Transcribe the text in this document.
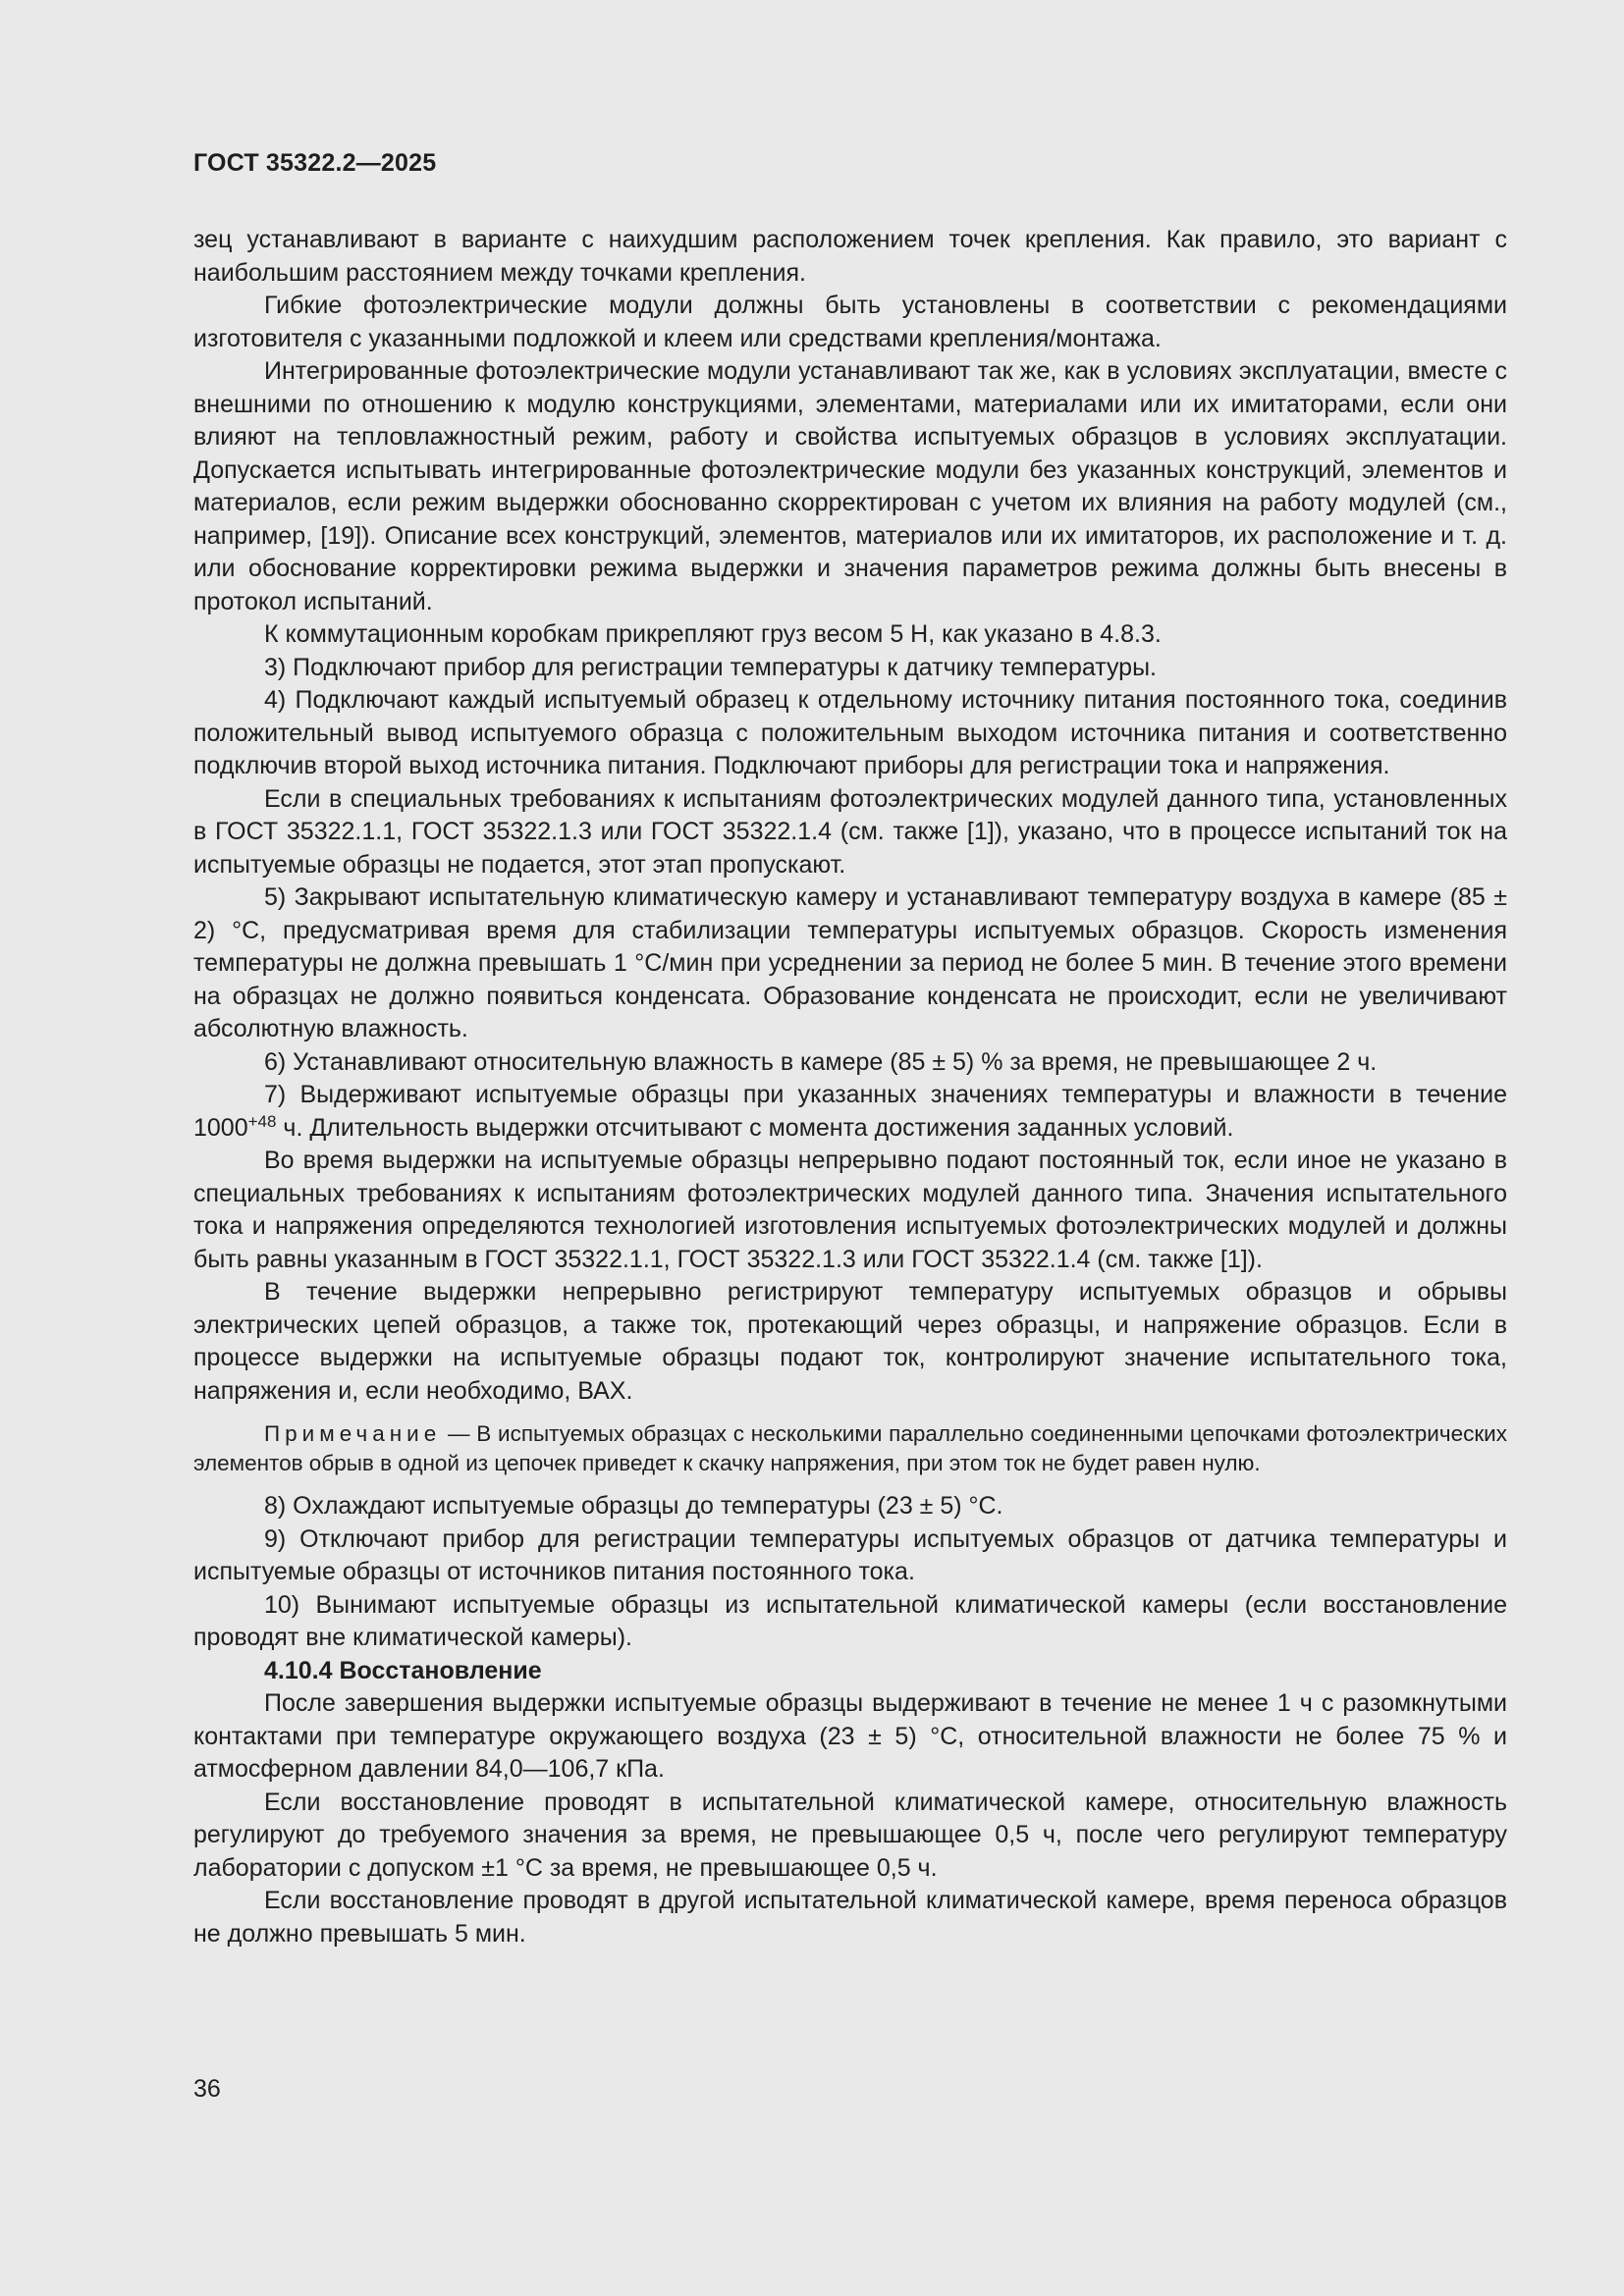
ГОСТ 35322.2—2025

зец устанавливают в варианте с наихудшим расположением точек крепления. Как правило, это вариант с наибольшим расстоянием между точками крепления.

Гибкие фотоэлектрические модули должны быть установлены в соответствии с рекомендациями изготовителя с указанными подложкой и клеем или средствами крепления/монтажа.

Интегрированные фотоэлектрические модули устанавливают так же, как в условиях эксплуатации, вместе с внешними по отношению к модулю конструкциями, элементами, материалами или их имитаторами, если они влияют на тепловлажностный режим, работу и свойства испытуемых образцов в условиях эксплуатации. Допускается испытывать интегрированные фотоэлектрические модули без указанных конструкций, элементов и материалов, если режим выдержки обоснованно скорректирован с учетом их влияния на работу модулей (см., например, [19]). Описание всех конструкций, элементов, материалов или их имитаторов, их расположение и т. д. или обоснование корректировки режима выдержки и значения параметров режима должны быть внесены в протокол испытаний.

К коммутационным коробкам прикрепляют груз весом 5 Н, как указано в 4.8.3.

3) Подключают прибор для регистрации температуры к датчику температуры.

4) Подключают каждый испытуемый образец к отдельному источнику питания постоянного тока, соединив положительный вывод испытуемого образца с положительным выходом источника питания и соответственно подключив второй выход источника питания. Подключают приборы для регистрации тока и напряжения.

Если в специальных требованиях к испытаниям фотоэлектрических модулей данного типа, установленных в ГОСТ 35322.1.1, ГОСТ 35322.1.3 или ГОСТ 35322.1.4 (см. также [1]), указано, что в процессе испытаний ток на испытуемые образцы не подается, этот этап пропускают.

5) Закрывают испытательную климатическую камеру и устанавливают температуру воздуха в камере (85 ± 2) °С, предусматривая время для стабилизации температуры испытуемых образцов. Скорость изменения температуры не должна превышать 1 °С/мин при усреднении за период не более 5 мин. В течение этого времени на образцах не должно появиться конденсата. Образование конденсата не происходит, если не увеличивают абсолютную влажность.

6) Устанавливают относительную влажность в камере (85 ± 5) % за время, не превышающее 2 ч.

7) Выдерживают испытуемые образцы при указанных значениях температуры и влажности в течение $1000^{+48}$ ч. Длительность выдержки отсчитывают с момента достижения заданных условий.

Во время выдержки на испытуемые образцы непрерывно подают постоянный ток, если иное не указано в специальных требованиях к испытаниям фотоэлектрических модулей данного типа. Значения испытательного тока и напряжения определяются технологией изготовления испытуемых фотоэлектрических модулей и должны быть равны указанным в ГОСТ 35322.1.1, ГОСТ 35322.1.3 или ГОСТ 35322.1.4 (см. также [1]).

В течение выдержки непрерывно регистрируют температуру испытуемых образцов и обрывы электрических цепей образцов, а также ток, протекающий через образцы, и напряжение образцов. Если в процессе выдержки на испытуемые образцы подают ток, контролируют значение испытательного тока, напряжения и, если необходимо, ВАХ.

Примечание — В испытуемых образцах с несколькими параллельно соединенными цепочками фотоэлектрических элементов обрыв в одной из цепочек приведет к скачку напряжения, при этом ток не будет равен нулю.

8) Охлаждают испытуемые образцы до температуры (23 ± 5) °С.

9) Отключают прибор для регистрации температуры испытуемых образцов от датчика температуры и испытуемые образцы от источников питания постоянного тока.

10) Вынимают испытуемые образцы из испытательной климатической камеры (если восстановление проводят вне климатической камеры).

4.10.4 Восстановление

После завершения выдержки испытуемые образцы выдерживают в течение не менее 1 ч с разомкнутыми контактами при температуре окружающего воздуха (23 ± 5) °С, относительной влажности не более 75 % и атмосферном давлении 84,0—106,7 кПа.

Если восстановление проводят в испытательной климатической камере, относительную влажность регулируют до требуемого значения за время, не превышающее 0,5 ч, после чего регулируют температуру лаборатории с допуском ±1 °С за время, не превышающее 0,5 ч.

Если восстановление проводят в другой испытательной климатической камере, время переноса образцов не должно превышать 5 мин.

36
